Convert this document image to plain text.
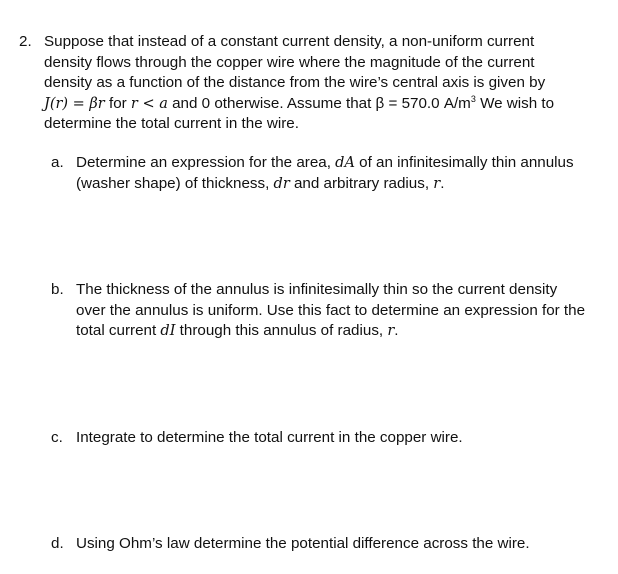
2. Suppose that instead of a constant current density, a non-uniform current
density flows through the copper wire where the magnitude of the current
density as a function of the distance from the wire’s central axis is given by
J(r) = βr for r < a and 0 otherwise. Assume that β = 570.0 $A/m^3$ We wish to
determine the total current in the wire.
a. Determine an expression for the area, dA of an infinitesimally thin annulus
(washer shape) of thickness, dr and arbitrary radius, r.
b. The thickness of the annulus is infinitesimally thin so the current density
over the annulus is uniform. Use this fact to determine an expression for the
total current dI through this annulus of radius, r.
c. Integrate to determine the total current in the copper wire.
d. Using Ohm’s law determine the potential difference across the wire.
